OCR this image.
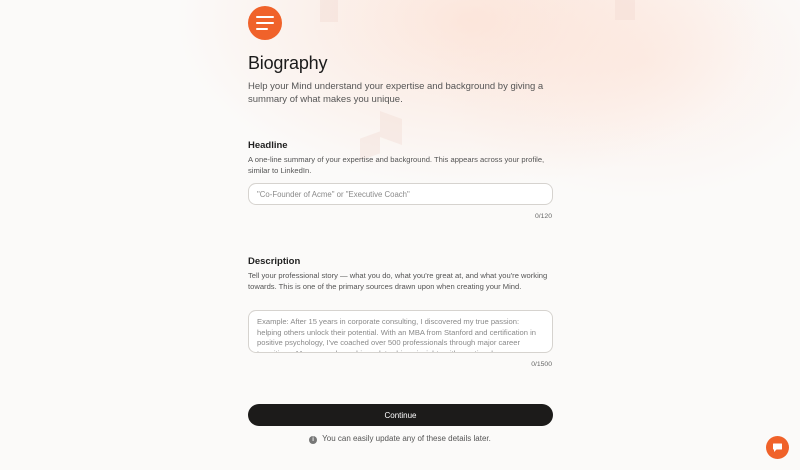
Biography

Help your Mind understand your expertise and background by giving a summary of what makes you unique.

Headline

A one-line summary of your expertise and background. This appears across your profile, similar to LinkedIn.

"Co-Founder of Acme" or "Executive Coach"
0/120
Description

Tell your professional story — what you do, what you're great at, and what you're working towards. This is one of the primary sources drawn upon when creating your Mind.

Example: After 15 years in corporate consulting, I discovered my true passion: helping others unlock their potential. With an MBA from Stanford and certification in positive psychology, I've coached over 500 professionals through major career transitions. My approach combines data-driven insights with emotional
0/1500
Continue
i You can easily update any of these details later.
